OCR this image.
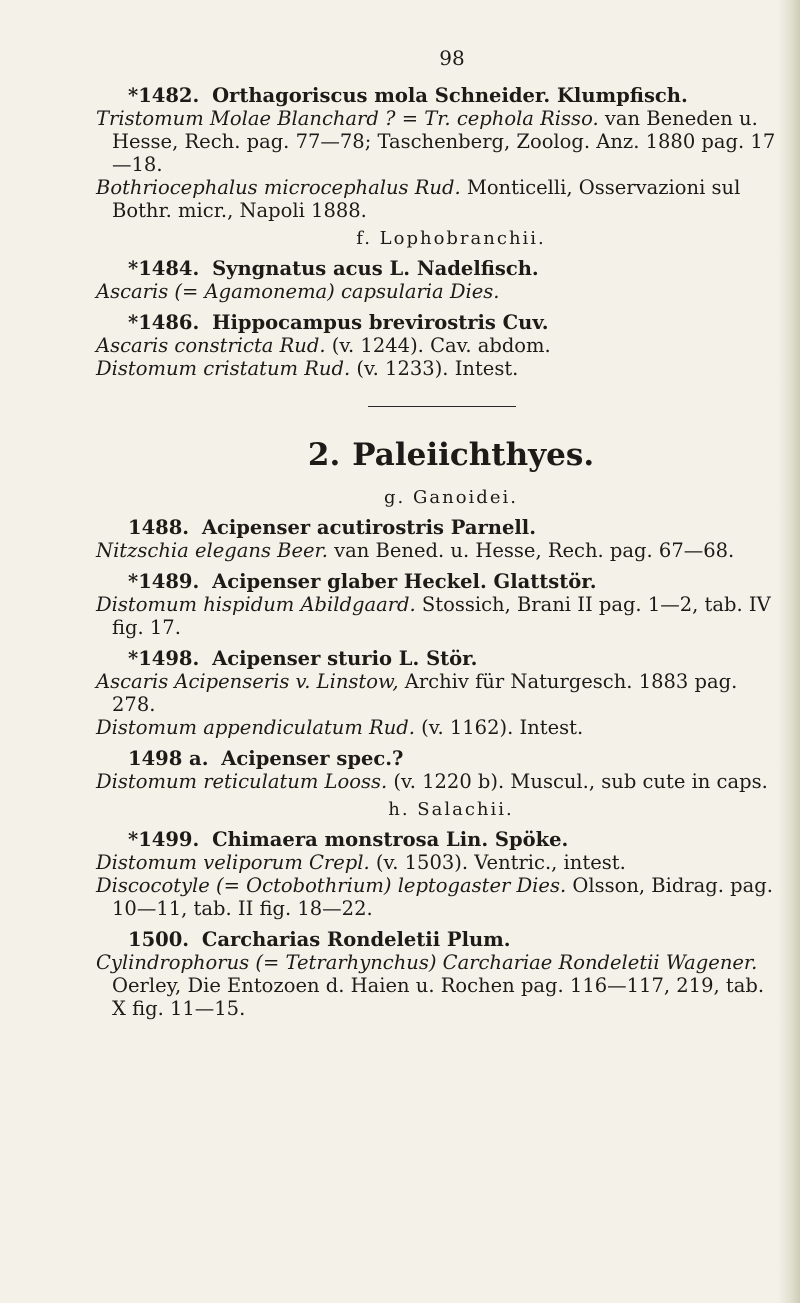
98

*1482. Orthagoriscus mola Schneider. Klumpfisch.

Tristomum Molae Blanchard ? = Tr. cephola Risso. van Beneden u. Hesse, Rech. pag. 77—78; Taschenberg, Zoolog. Anz. 1880 pag. 17—18.

Bothriocephalus microcephalus Rud. Monticelli, Osservazioni sul Bothr. micr., Napoli 1888.

f. Lophobranchii.

*1484. Syngnatus acus L. Nadelfisch.

Ascaris (= Agamonema) capsularia Dies.

*1486. Hippocampus brevirostris Cuv.

Ascaris constricta Rud. (v. 1244). Cav. abdom.

Distomum cristatum Rud. (v. 1233). Intest.

2. Paleiichthyes.
g. Ganoidei.

1488. Acipenser acutirostris Parnell.

Nitzschia elegans Beer. van Bened. u. Hesse, Rech. pag. 67—68.

*1489. Acipenser glaber Heckel. Glattstör.

Distomum hispidum Abildgaard. Stossich, Brani II pag. 1—2, tab. IV fig. 17.

*1498. Acipenser sturio L. Stör.

Ascaris Acipenseris v. Linstow, Archiv für Naturgesch. 1883 pag. 278.

Distomum appendiculatum Rud. (v. 1162). Intest.

1498 a. Acipenser spec.?

Distomum reticulatum Looss. (v. 1220 b). Muscul., sub cute in caps.

h. Salachii.

*1499. Chimaera monstrosa Lin. Spöke.

Distomum veliporum Crepl. (v. 1503). Ventric., intest.

Discocotyle (= Octobothrium) leptogaster Dies. Olsson, Bidrag. pag. 10—11, tab. II fig. 18—22.

1500. Carcharias Rondeletii Plum.

Cylindrophorus (= Tetrarhynchus) Carchariae Rondeletii Wagener. Oerley, Die Entozoen d. Haien u. Rochen pag. 116—117, 219, tab. X fig. 11—15.
